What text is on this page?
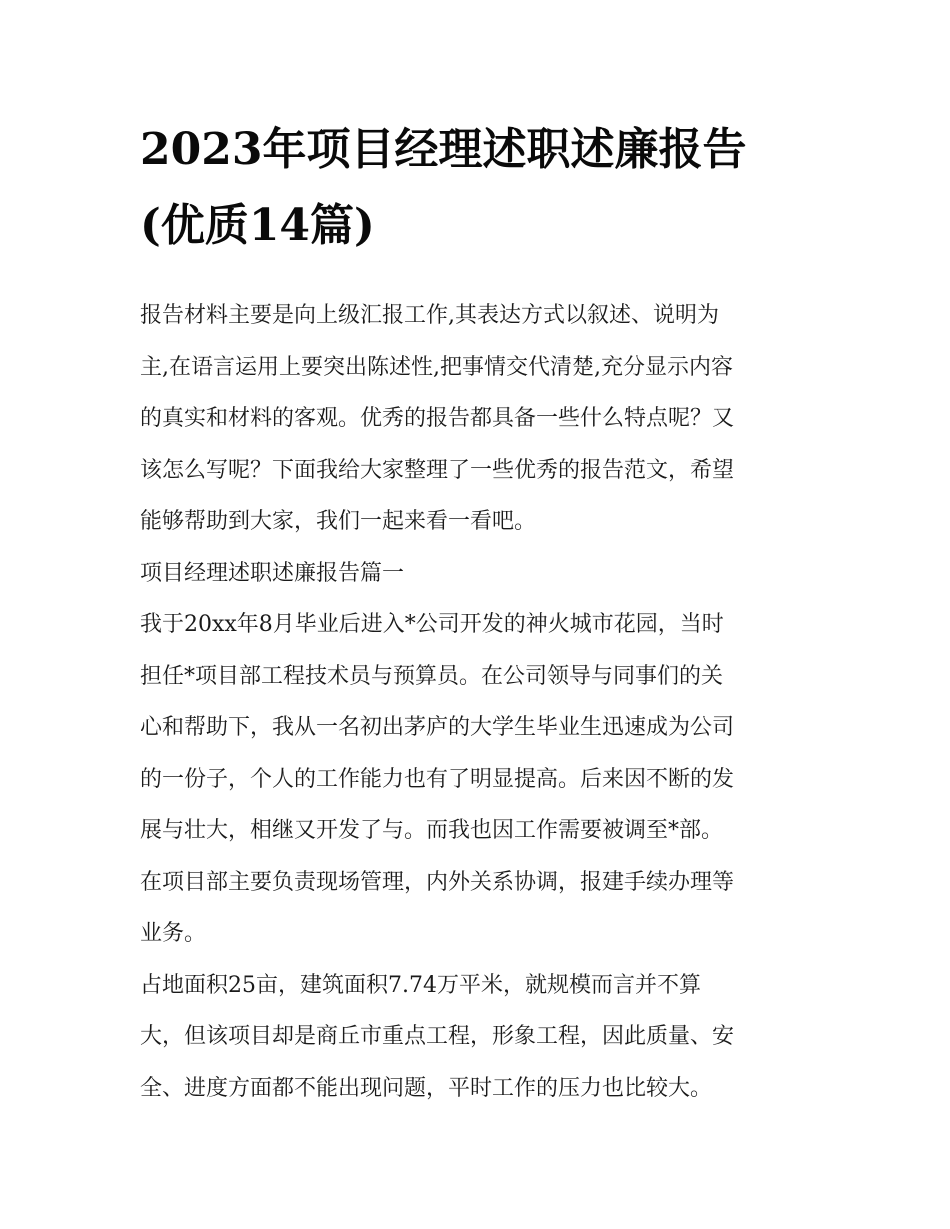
2023年项目经理述职述廉报告
(优质14篇)
报告材料主要是向上级汇报工作,其表达方式以叙述、说明为
主,在语言运用上要突出陈述性,把事情交代清楚,充分显示内容
的真实和材料的客观。优秀的报告都具备一些什么特点呢？又
该怎么写呢？下面我给大家整理了一些优秀的报告范文，希望
能够帮助到大家，我们一起来看一看吧。
项目经理述职述廉报告篇一
我于20xx年8月毕业后进入*公司开发的神火城市花园，当时
担任*项目部工程技术员与预算员。在公司领导与同事们的关
心和帮助下，我从一名初出茅庐的大学生毕业生迅速成为公司
的一份子，个人的工作能力也有了明显提高。后来因不断的发
展与壮大，相继又开发了与。而我也因工作需要被调至*部。
在项目部主要负责现场管理，内外关系协调，报建手续办理等
业务。
占地面积25亩，建筑面积7.74万平米，就规模而言并不算
大，但该项目却是商丘市重点工程，形象工程，因此质量、安
全、进度方面都不能出现问题，平时工作的压力也比较大。
